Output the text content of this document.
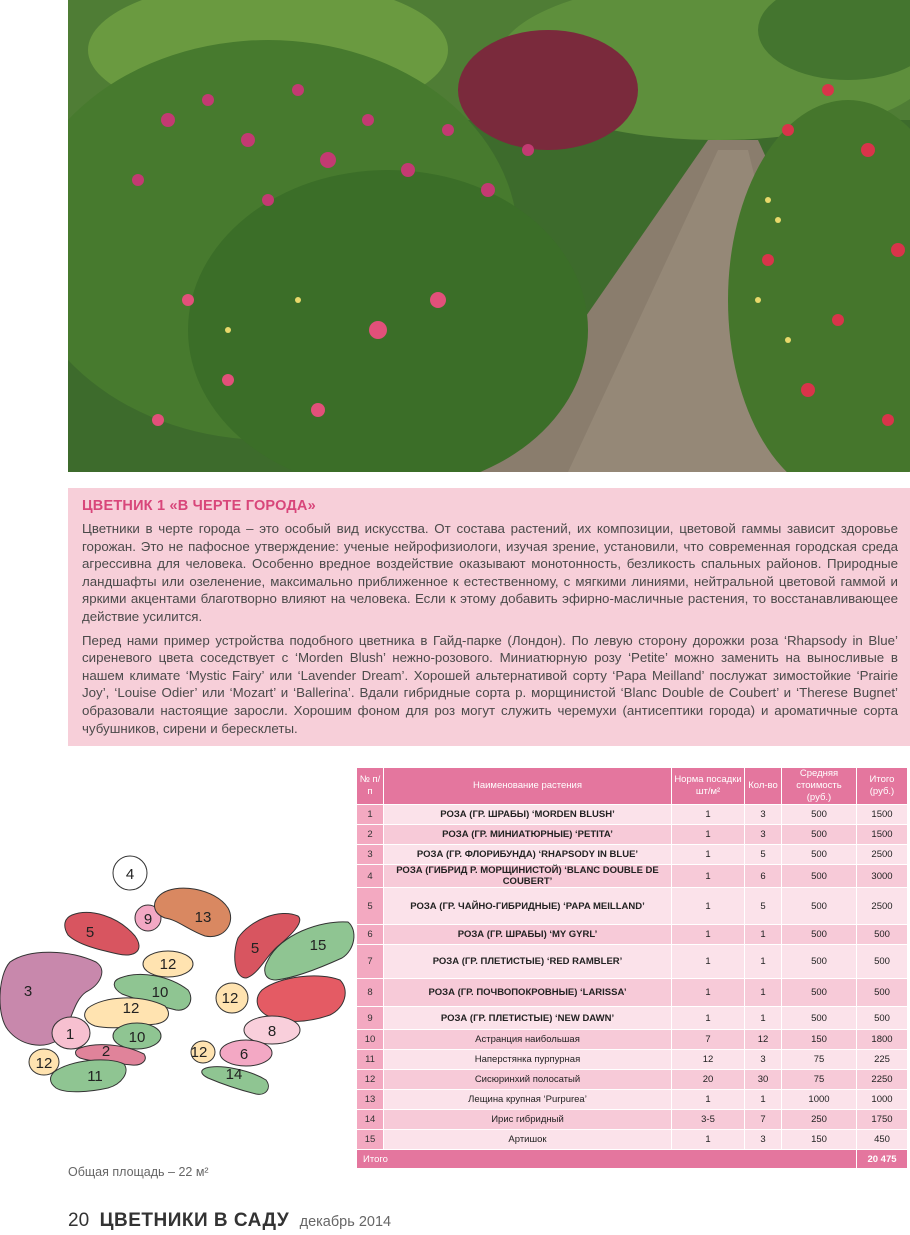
ЦВЕТНИК 1 «В ЧЕРТЕ ГОРОДА»

Цветники в черте города – это особый вид искусства. От состава растений, их композиции, цветовой гаммы зависит здоровье горожан. Это не пафосное утверждение: ученые нейрофизиологи, изучая зрение, установили, что современная городская среда агрессивна для человека. Особенно вредное воздействие оказывают монотонность, безликость спальных районов. Природные ландшафты или озеленение, максимально приближенное к естественному, с мягкими линиями, нейтральной цветовой гаммой и яркими акцентами благотворно влияют на человека. Если к этому добавить эфирно-масличные растения, то восстанавливающее действие усилится.

Перед нами пример устройства подобного цветника в Гайд-парке (Лондон). По левую сторону дорожки роза ‘Rhapsody in Blue’ сиреневого цвета соседствует с ‘Morden Blush’ нежно-розового. Миниатюрную розу ‘Petite’ можно заменить на выносливые в нашем климате ‘Mystic Fairy’ или ‘Lavender Dream’. Хорошей альтернативой сорту ‘Papa Meilland’ послужат зимостойкие ‘Prairie Joy’, ‘Louise Odier’ или ‘Mozart’ и ‘Ballerina’. Вдали гибридные сорта р. морщинистой ‘Blanc Double de Coubert’ и ‘Therese Bugnet’ образовали настоящие заросли. Хорошим фоном для роз могут служить черемухи (антисептики города) и ароматичные сорта чубушников, сирени и бересклеты.

4
9	13
5
5	15
12
3	10	12
12
8
1	10
2	12 6
12
11	14
Общая площадь – 22 м²
№ п/п	Наименование растения	Норма посадки шт/м²	Кол-во	Средняя стоимость (руб.)	Итого (руб.)
1	РОЗА (ГР. ШРАБЫ) ‘MORDEN BLUSH’	1	3	500	1500
2	РОЗА (ГР. МИНИАТЮРНЫЕ) ‘PETITA’	1	3	500	1500
3	РОЗА (ГР. ФЛОРИБУНДА) ‘RHAPSODY IN BLUE’	1	5	500	2500
4	РОЗА (ГИБРИД Р. МОРЩИНИСТОЙ) ‘BLANC DOUBLE DE COUBERT’	1	6	500	3000
5	РОЗА (ГР. ЧАЙНО-ГИБРИДНЫЕ) ‘PAPA MEILLAND’	1	5	500	2500
6	РОЗА (ГР. ШРАБЫ) ‘MY GYRL’	1	1	500	500
7	РОЗА (ГР. ПЛЕТИСТЫЕ) ‘RED RAMBLER’	1	1	500	500
8	РОЗА (ГР. ПОЧВОПОКРОВНЫЕ) ‘LARISSA’	1	1	500	500
9	РОЗА (ГР. ПЛЕТИСТЫЕ) ‘NEW DAWN’	1	1	500	500
10	Астранция наибольшая	7	12	150	1800
11	Наперстянка пурпурная	12	3	75	225
12	Сисюринхий полосатый	20	30	75	2250
13	Лещина крупная ‘Purpurea’	1	1	1000	1000
14	Ирис гибридный	3-5	7	250	1750
15	Артишок	1	3	150	450
Итого					20 475
20 ЦВЕТНИКИ В САДУ декабрь 2014
